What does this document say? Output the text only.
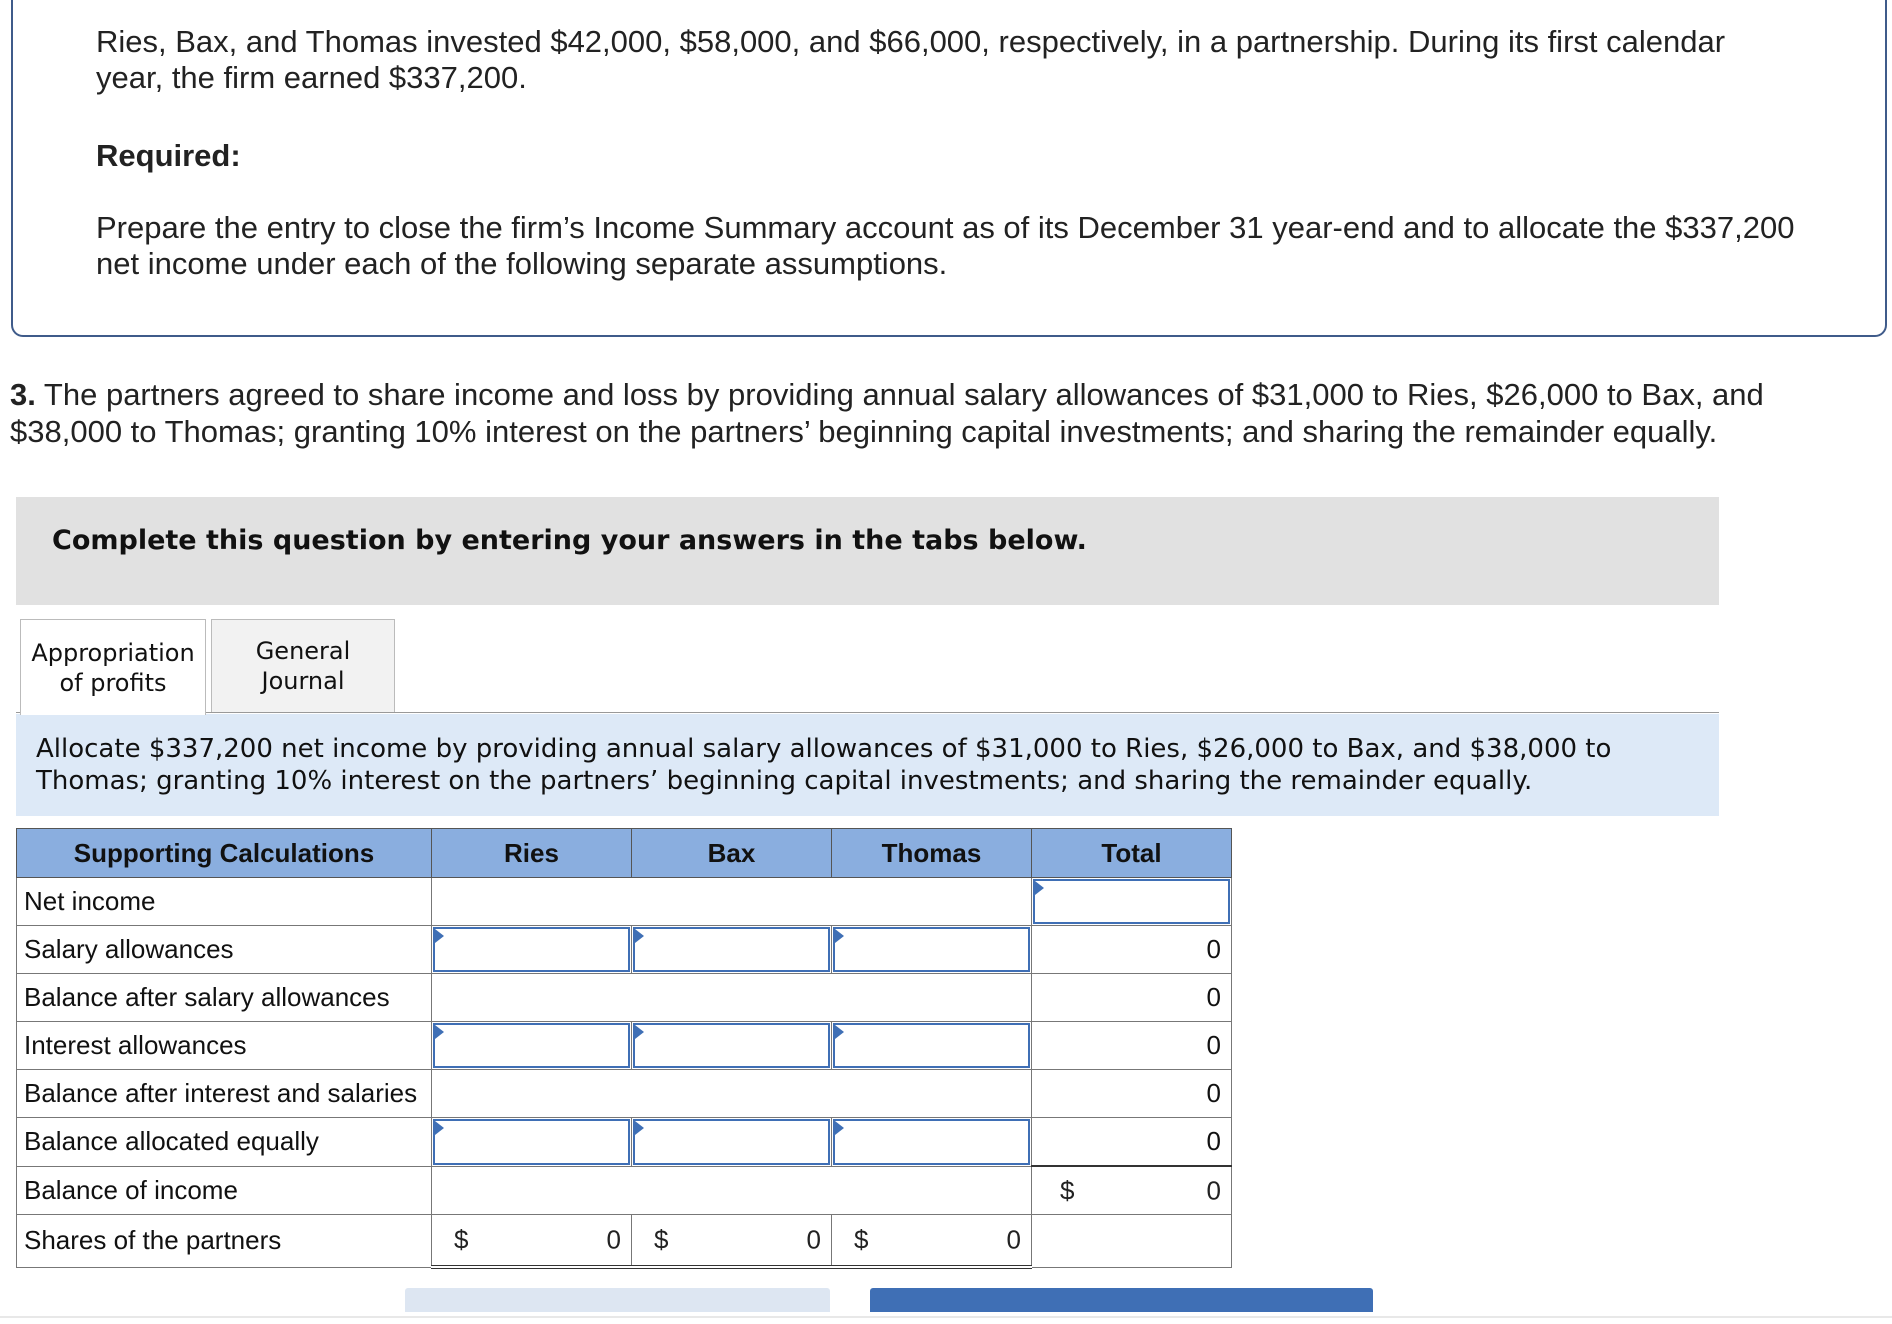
Ries, Bax, and Thomas invested $42,000, $58,000, and $66,000, respectively, in a partnership. During its first calendar year, the firm earned $337,200.
Required:
Prepare the entry to close the firm’s Income Summary account as of its December 31 year-end and to allocate the $337,200 net income under each of the following separate assumptions.
3. The partners agreed to share income and loss by providing annual salary allowances of $31,000 to Ries, $26,000 to Bax, and $38,000 to Thomas; granting 10% interest on the partners’ beginning capital investments; and sharing the remainder equally.
Complete this question by entering your answers in the tabs below.
Appropriation
of profits
General
Journal
Allocate $337,200 net income by providing annual salary allowances of $31,000 to Ries, $26,000 to Bax, and $38,000 to Thomas; granting 10% interest on the partners’ beginning capital investments; and sharing the remainder equally.
Supporting Calculations	Ries	Bax	Thomas	Total
Net income				

Salary allowances				0
Balance after salary allowances				0
Interest allowances				0
Balance after interest and salaries				0
Balance allocated equally				0
Balance of income				$ 0

Shares of the partners	$ 0	$ 0	$ 0	
